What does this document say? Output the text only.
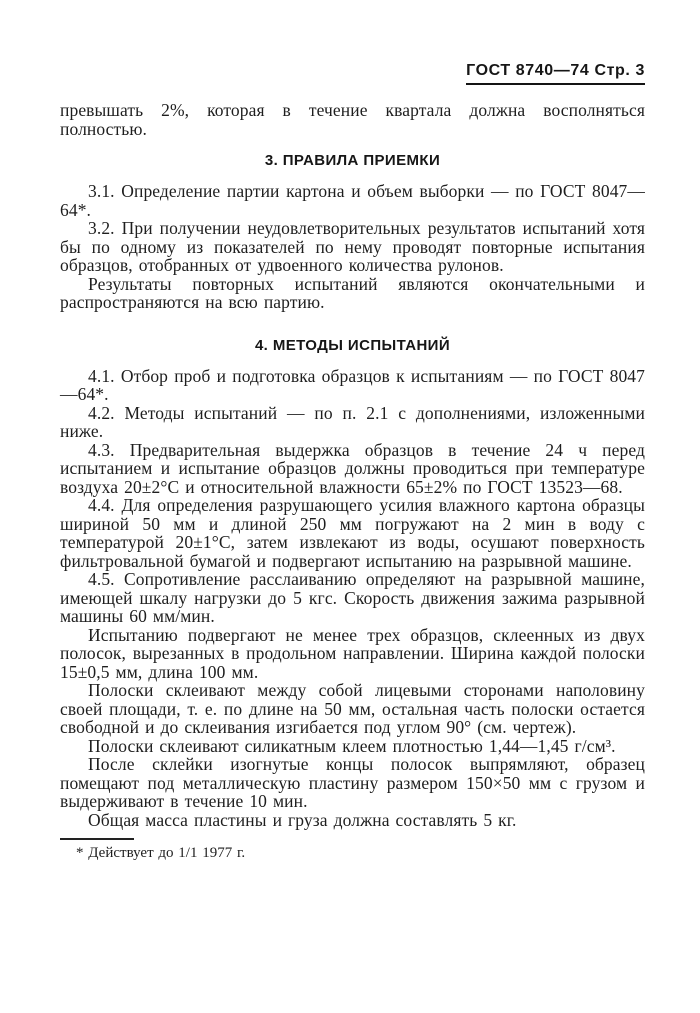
ГОСТ 8740—74 Стр. 3

превышать 2%, которая в течение квартала должна восполняться полностью.

3. ПРАВИЛА ПРИЕМКИ

3.1. Определение партии картона и объем выборки — по ГОСТ 8047—64*.

3.2. При получении неудовлетворительных результатов испытаний хотя бы по одному из показателей по нему проводят повторные испытания образцов, отобранных от удвоенного количества рулонов.

Результаты повторных испытаний являются окончательными и распространяются на всю партию.

4. МЕТОДЫ ИСПЫТАНИЙ

4.1. Отбор проб и подготовка образцов к испытаниям — по ГОСТ 8047—64*.

4.2. Методы испытаний — по п. 2.1 с дополнениями, изложенными ниже.

4.3. Предварительная выдержка образцов в течение 24 ч перед испытанием и испытание образцов должны проводиться при температуре воздуха 20±2°С и относительной влажности 65±2% по ГОСТ 13523—68.

4.4. Для определения разрушающего усилия влажного картона образцы шириной 50 мм и длиной 250 мм погружают на 2 мин в воду с температурой 20±1°С, затем извлекают из воды, осушают поверхность фильтровальной бумагой и подвергают испытанию на разрывной машине.

4.5. Сопротивление расслаиванию определяют на разрывной машине, имеющей шкалу нагрузки до 5 кгс. Скорость движения зажима разрывной машины 60 мм/мин.

Испытанию подвергают не менее трех образцов, склеенных из двух полосок, вырезанных в продольном направлении. Ширина каждой полоски 15±0,5 мм, длина 100 мм.

Полоски склеивают между собой лицевыми сторонами наполовину своей площади, т. е. по длине на 50 мм, остальная часть полоски остается свободной и до склеивания изгибается под углом 90° (см. чертеж).

Полоски склеивают силикатным клеем плотностью 1,44—1,45 г/см³.

После склейки изогнутые концы полосок выпрямляют, образец помещают под металлическую пластину размером 150×50 мм с грузом и выдерживают в течение 10 мин.

Общая масса пластины и груза должна составлять 5 кг.

* Действует до 1/1 1977 г.
